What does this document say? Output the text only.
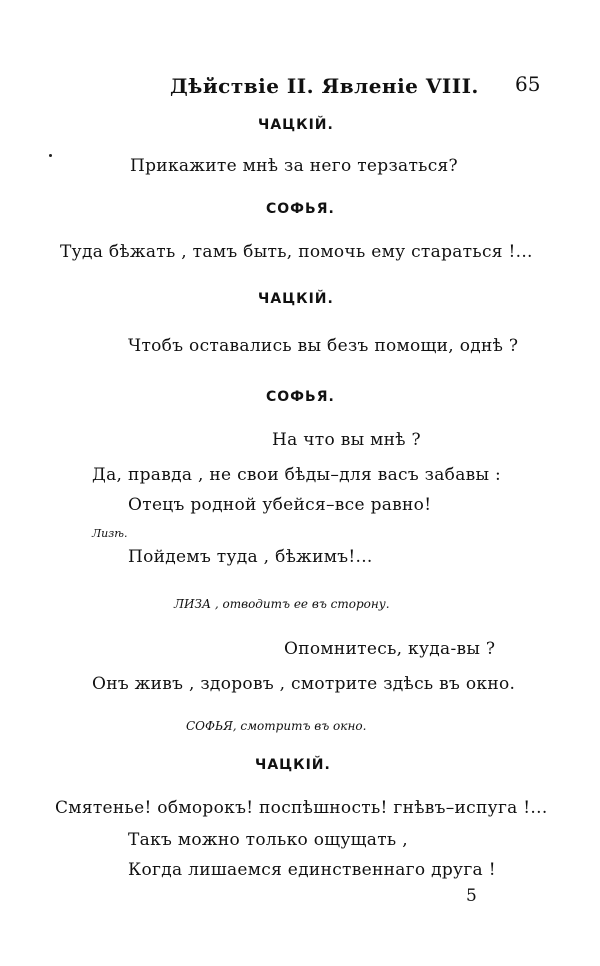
Дѣйствіе II. Явленіе VIII. 65
ЧАЦКІЙ.
Прикажите мнѣ за него терзаться?
СОФЬЯ.
Туда бѣжать , тамъ быть, помочь ему стараться !...
ЧАЦКІЙ.
Чтобъ оставались вы безъ помощи, однѣ ?
СОФЬЯ.
На что вы мнѣ ?
Да, правда , не свои бѣды–для васъ забавы :
Отецъ родной убейся–все равно!
Лизѣ.
Пойдемъ туда , бѣжимъ!...
ЛИЗА , отводитъ ее въ сторону.
Опомнитесь, куда-вы ?
Онъ живъ , здоровъ , смотрите здѣсь въ окно.
СОФЬЯ, смотритъ въ окно.
ЧАЦКІЙ.
Смятенье! обморокъ! поспѣшность! гнѣвъ–испуга !...
Такъ можно только ощущать ,
Когда лишаемся единственнаго друга !
5
